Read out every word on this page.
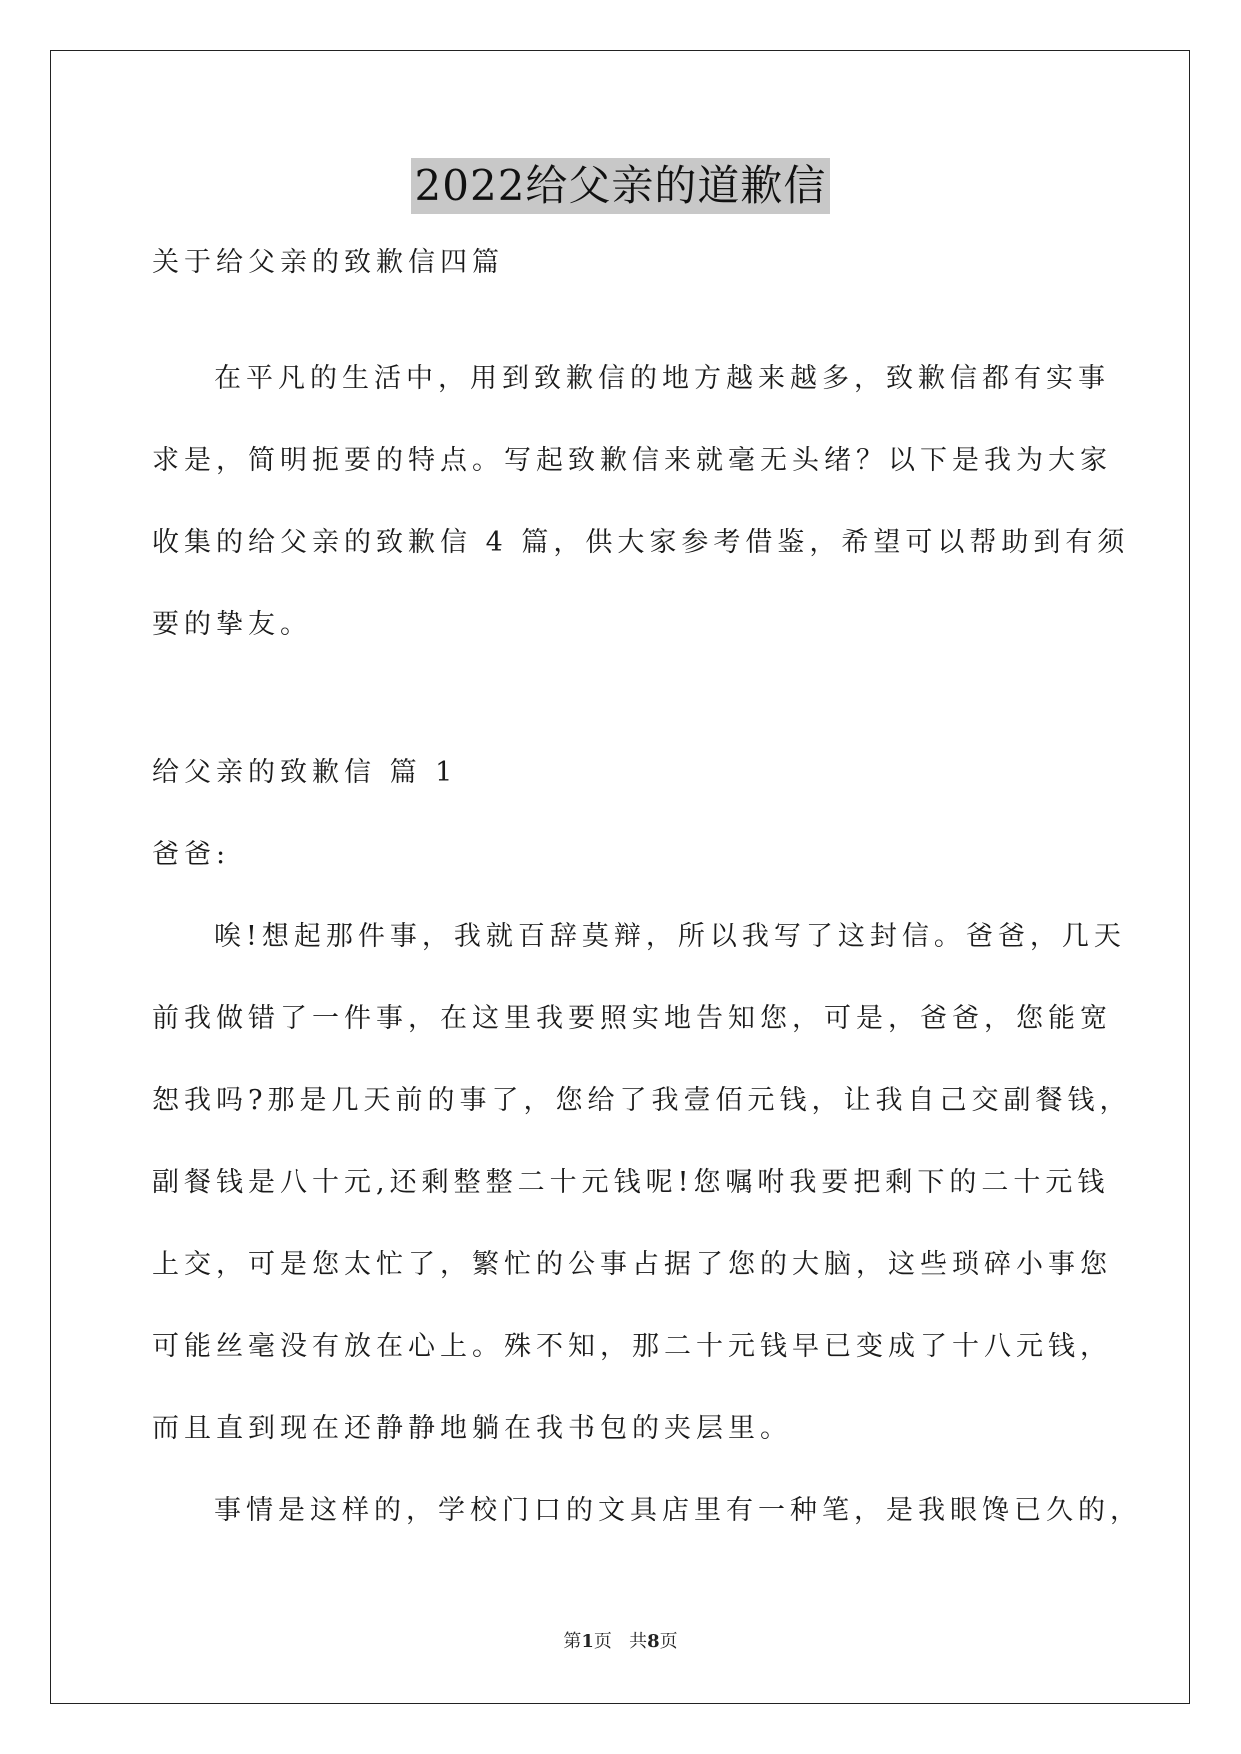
2022给父亲的道歉信
关于给父亲的致歉信四篇
在平凡的生活中，用到致歉信的地方越来越多，致歉信都有实事
求是，简明扼要的特点。写起致歉信来就毫无头绪？以下是我为大家
收集的给父亲的致歉信 4 篇，供大家参考借鉴，希望可以帮助到有须
要的挚友。
给父亲的致歉信 篇 1
爸爸:
唉!想起那件事，我就百辞莫辩，所以我写了这封信。爸爸，几天
前我做错了一件事，在这里我要照实地告知您，可是，爸爸，您能宽
恕我吗?那是几天前的事了，您给了我壹佰元钱，让我自己交副餐钱，
副餐钱是八十元,还剩整整二十元钱呢!您嘱咐我要把剩下的二十元钱
上交，可是您太忙了，繁忙的公事占据了您的大脑，这些琐碎小事您
可能丝毫没有放在心上。殊不知，那二十元钱早已变成了十八元钱，
而且直到现在还静静地躺在我书包的夹层里。
事情是这样的，学校门口的文具店里有一种笔，是我眼馋已久的，
第1页 共8页
